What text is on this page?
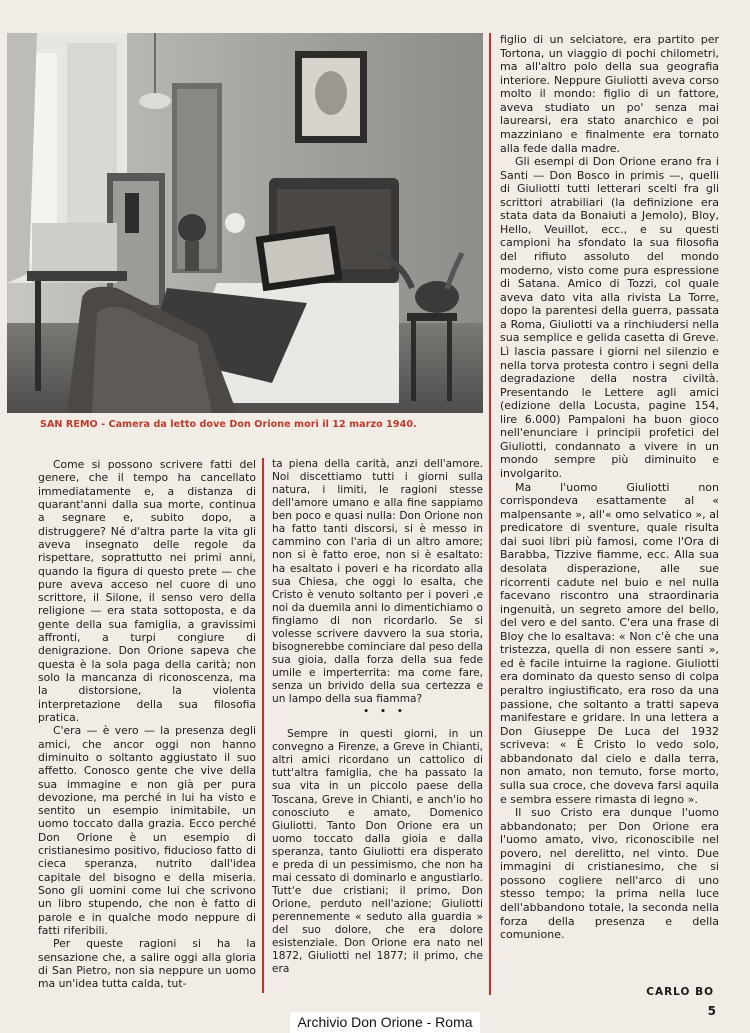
SAN REMO - Camera da letto dove Don Orione morì il 12 marzo 1940.

Come si possono scrivere fatti del genere, che il tempo ha cancellato immediatamente e, a distanza di quarant'anni dalla sua morte, continua a segnare e, subito dopo, a distruggere? Né d'altra parte la vita gli aveva insegnato delle regole da rispettare, soprattutto nei primi anni, quando la figura di questo prete — che pure aveva acceso nel cuore di uno scrittore, il Silone, il senso vero della religione — era stata sottoposta, e da gente della sua famiglia, a gravissimi affronti, a turpi congiure di denigrazione. Don Orione sapeva che questa è la sola paga della carità; non solo la mancanza di riconoscenza, ma la distorsione, la violenta interpretazione della sua filosofia pratica.

C'era — è vero — la presenza degli amici, che ancor oggi non hanno diminuito o soltanto aggiustato il suo affetto. Conosco gente che vive della sua immagine e non già per pura devozione, ma perché in lui ha visto e sentito un esempio inimitabile, un uomo toccato dalla grazia. Ecco perché Don Orione è un esempio di cristianesimo positivo, fiducioso fatto di cieca speranza, nutrito dall'idea capitale del bisogno e della miseria. Sono gli uomini come lui che scrivono un libro stupendo, che non è fatto di parole e in qualche modo neppure di fatti riferibili.

Per queste ragioni si ha la sensazione che, a salire oggi alla gloria di San Pietro, non sia neppure un uomo ma un'idea tutta calda, tut-

ta piena della carità, anzi dell'amore. Noi discettiamo tutti i giorni sulla natura, i limiti, le ragioni stesse dell'amore umano e alla fine sappiamo ben poco e quasi nulla: Don Orione non ha fatto tanti discorsi, si è messo in cammino con l'aria di un altro amore; non si è fatto eroe, non si è esaltato: ha esaltato i poveri e ha ricordato alla sua Chiesa, che oggi lo esalta, che Cristo è venuto soltanto per i poveri ,e noi da duemila anni lo dimentichiamo o fingiamo di non ricordarlo. Se si volesse scrivere davvero la sua storia, bisognerebbe cominciare dal peso della sua gioia, dalla forza della sua fede umile e imperterrita: ma come fare, senza un brivido della sua certezza e un lampo della sua fiamma?

• • •

Sempre in questi giorni, in un convegno a Firenze, a Greve in Chianti, altri amici ricordano un cattolico di tutt'altra famiglia, che ha passato la sua vita in un piccolo paese della Toscana, Greve in Chianti, e anch'io ho conosciuto e amato, Domenico Giuliotti. Tanto Don Orione era un uomo toccato dalla gioia e dalla speranza, tanto Giuliotti era disperato e preda di un pessimismo, che non ha mai cessato di dominarlo e angustiarlo. Tutt'e due cristiani; il primo, Don Orione, perduto nell'azione; Giuliotti perennemente « seduto alla guardia » del suo dolore, che era dolore esistenziale. Don Orione era nato nel 1872, Giuliotti nel 1877; il primo, che era

figlio di un selciatore, era partito per Tortona, un viaggio di pochi chilometri, ma all'altro polo della sua geografia interiore. Neppure Giuliotti aveva corso molto il mondo: figlio di un fattore, aveva studiato un po' senza mai laurearsi, era stato anarchico e poi mazziniano e finalmente era tornato alla fede dalla madre.

Gli esempi di Don Orione erano fra i Santi — Don Bosco in primis —, quelli di Giuliotti tutti letterari scelti fra gli scrittori atrabiliari (la definizione era stata data da Bonaiuti a Jemolo), Bloy, Hello, Veuillot, ecc., e su questi campioni ha sfondato la sua filosofia del rifiuto assoluto del mondo moderno, visto come pura espressione di Satana. Amico di Tozzi, col quale aveva dato vita alla rivista La Torre, dopo la parentesi della guerra, passata a Roma, Giuliotti va a rinchiudersi nella sua semplice e gelida casetta di Greve. Lì lascia passare i giorni nel silenzio e nella torva protesta contro i segni della degradazione della nostra civiltà. Presentando le Lettere agli amici (edizione della Locusta, pagine 154, lire 6.000) Pampaloni ha buon gioco nell'enunciare i principii profetici del Giuliotti, condannato a vivere in un mondo sempre più diminuito e involgarito.

Ma l'uomo Giuliotti non corrispondeva esattamente al « malpensante », all'« omo selvatico », al predicatore di sventure, quale risulta dai suoi libri più famosi, come l'Ora di Barabba, Tizzive fiamme, ecc. Alla sua desolata disperazione, alle sue ricorrenti cadute nel buio e nel nulla facevano riscontro una straordinaria ingenuità, un segreto amore del bello, del vero e del santo. C'era una frase di Bloy che lo esaltava: « Non c'è che una tristezza, quella di non essere santi », ed è facile intuirne la ragione. Giuliotti era dominato da questo senso di colpa peraltro ingiustificato, era roso da una passione, che soltanto a tratti sapeva manifestare e gridare. In una lettera a Don Giuseppe De Luca del 1932 scriveva: « È Cristo lo vedo solo, abbandonato dal cielo e dalla terra, non amato, non temuto, forse morto, sulla sua croce, che doveva farsi aquila e sembra essere rimasta di legno ».

Il suo Cristo era dunque l'uomo abbandonato; per Don Orione era l'uomo amato, vivo, riconoscibile nel povero, nel derelitto, nel vinto. Due immagini di cristianesimo, che si possono cogliere nell'arco di uno stesso tempo; la prima nella luce dell'abbandono totale, la seconda nella forza della presenza e della comunione.

CARLO BO
5
Archivio Don Orione - Roma
